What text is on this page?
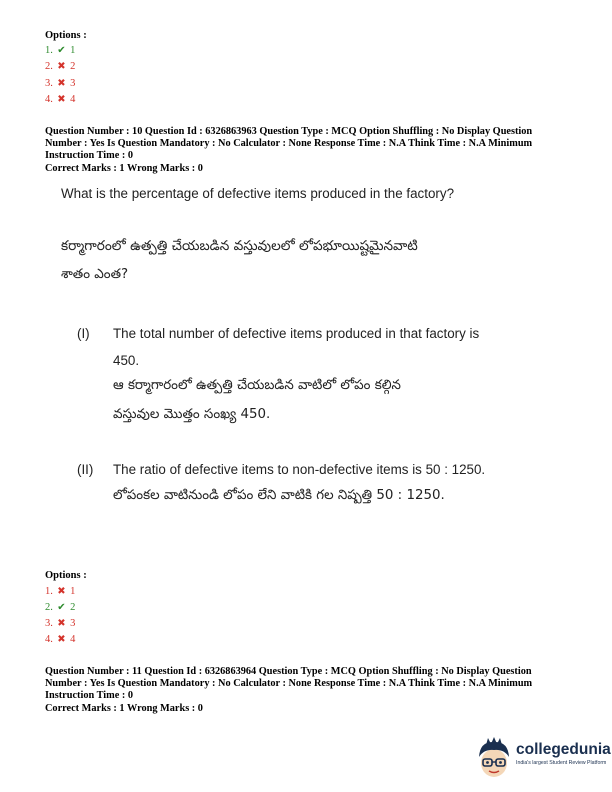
Options :
1. ✔ 1
2. ✖ 2
3. ✖ 3
4. ✖ 4

Question Number : 10 Question Id : 6326863963 Question Type : MCQ Option Shuffling : No Display Question

Number : Yes Is Question Mandatory : No Calculator : None Response Time : N.A Think Time : N.A Minimum

Instruction Time : 0

Correct Marks : 1 Wrong Marks : 0

What is the percentage of defective items produced in the factory?
కర్మాగారంలో ఉత్పత్తి చేయబడిన వస్తువులలో లోపభూయిష్టమైనవాటి
శాతం ఎంత?
(I) The total number of defective items produced in that factory is
450.
ఆ కర్మాగారంలో ఉత్పత్తి చేయబడిన వాటిలో లోపం కల్గిన
వస్తువుల మొత్తం సంఖ్య 450.
(II) The ratio of defective items to non-defective items is 50 : 1250.
లోపంకల వాటినుండి లోపం లేని వాటికి గల నిష్పత్తి 50 : 1250.
Options :
1. ✖ 1
2. ✔ 2
3. ✖ 3
4. ✖ 4

Question Number : 11 Question Id : 6326863964 Question Type : MCQ Option Shuffling : No Display Question

Number : Yes Is Question Mandatory : No Calculator : None Response Time : N.A Think Time : N.A Minimum

Instruction Time : 0

Correct Marks : 1 Wrong Marks : 0

collegedunia
India's largest Student Review Platform
